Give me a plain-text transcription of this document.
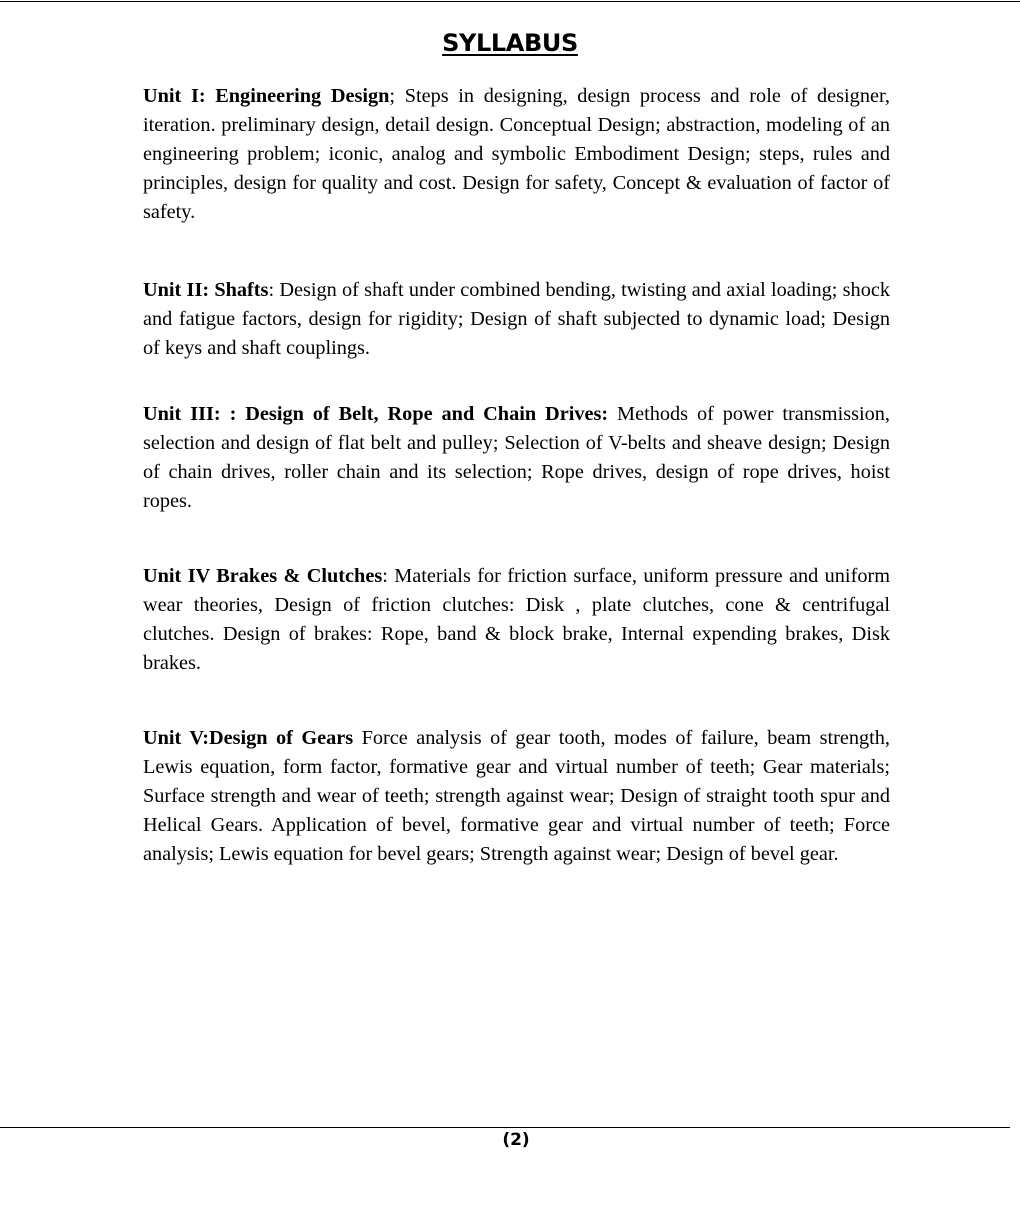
SYLLABUS

Unit I: Engineering Design; Steps in designing, design process and role of designer, iteration. preliminary design, detail design. Conceptual Design; abstraction, modeling of an engineering problem; iconic, analog and symbolic Embodiment Design; steps, rules and principles, design for quality and cost. Design for safety, Concept & evaluation of factor of safety.

Unit II: Shafts: Design of shaft under combined bending, twisting and axial loading; shock and fatigue factors, design for rigidity; Design of shaft subjected to dynamic load; Design of keys and shaft couplings.

Unit III: : Design of Belt, Rope and Chain Drives: Methods of power transmission, selection and design of flat belt and pulley; Selection of V-belts and sheave design; Design of chain drives, roller chain and its selection; Rope drives, design of rope drives, hoist ropes.

Unit IV Brakes & Clutches: Materials for friction surface, uniform pressure and uniform wear theories, Design of friction clutches: Disk , plate clutches, cone & centrifugal clutches. Design of brakes: Rope, band & block brake, Internal expending brakes, Disk brakes.

Unit V:Design of Gears Force analysis of gear tooth, modes of failure, beam strength, Lewis equation, form factor, formative gear and virtual number of teeth; Gear materials; Surface strength and wear of teeth; strength against wear; Design of straight tooth spur and Helical Gears. Application of bevel, formative gear and virtual number of teeth; Force analysis; Lewis equation for bevel gears; Strength against wear; Design of bevel gear.

(2)
